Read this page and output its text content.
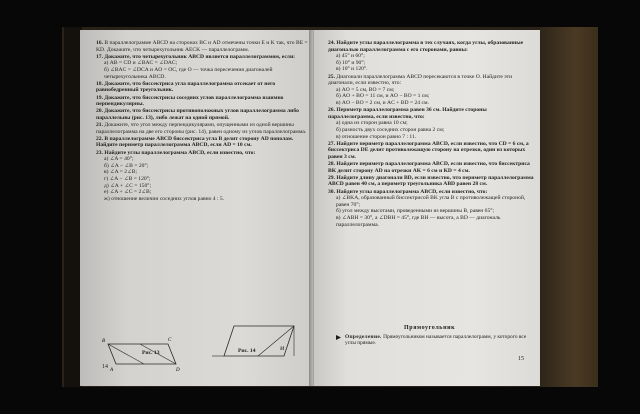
16. В параллелограмме ABCD на сторонах BC и AD отмечены точки E и K так, что BE = KD. Докажите, что четырехугольник AECK — параллелограмм.
17. Докажите, что четырехугольник ABCD является параллелограммом, если:
а) AB = CD и ∠BAC = ∠DAC;
б) ∠BAC = ∠DCA и AO = OC, где O — точка пересечения диагоналей четырехугольника ABCD.
18. Докажите, что биссектриса угла параллелограмма отсекает от него равнобедренный треугольник.
19. Докажите, что биссектрисы соседних углов параллелограмма взаимно перпендикулярны.
20. Докажите, что биссектрисы противоположных углов параллелограмма либо параллельны (рис. 13), либо лежат на одной прямой.
21. Докажите, что угол между перпендикулярами, опущенными из одной вершины параллелограмма на две его стороны (рис. 14), равен одному из углов параллелограмма.
22. В параллелограмме ABCD биссектриса угла B делит сторону AD пополам. Найдите периметр параллелограмма ABCD, если AD = 10 см.
23. Найдите углы параллелограмма ABCD, если известно, что:
а) ∠A = 40°;
б) ∠A − ∠B = 20°;
в) ∠A = 2∠B;
г) ∠A − ∠B = 120°;
д) ∠A + ∠C = 150°;
е) ∠A + ∠C = 2∠B;
ж) отношение величин соседних углов равно 4 : 5.
B	C
A	D
Рис. 13
M
Рис. 14
14
24. Найдите углы параллелограмма в тех случаях, когда углы, образованные диагональю параллелограмма с его сторонами, равны:
а) 45° и 60°;
б) 10° и 90°;
в) 10° и 120°.
25. Диагонали параллелограмма ABCD пересекаются в точке O. Найдите эти диагонали, если известно, что:
а) AO = 5 см, BO = 7 см;
б) AO + BO = 11 см, и AO − BO = 1 см;
в) AO − BO = 2 см, и AC + BD = 24 см.
26. Периметр параллелограмма равен 36 см. Найдите стороны параллелограмма, если известно, что:
а) одна из сторон равна 10 см;
б) разность двух соседних сторон равна 2 см;
в) отношение сторон равно 7 : 11.
27. Найдите периметр параллелограмма ABCD, если известно, что CD = 6 см, а биссектриса DE делит противолежащую сторону на отрезки, один из которых равен 3 см.
28. Найдите периметр параллелограмма ABCD, если известно, что биссектриса BK делит сторону AD на отрезки AK = 6 см и KD = 4 см.
29. Найдите длину диагонали BD, если известно, что периметр параллелограмма ABCD равен 40 см, а периметр треугольника ABD равен 28 см.
30. Найдите углы параллелограмма ABCD, если известно, что:
а) ∠BKA, образованный биссектрисой BK угла B с противолежащей стороной, равен 70°;
б) угол между высотами, проведенными из вершины B, равен 65°;
в) ∠ABH = 30°, а ∠DBH = 45°, где BH — высота, а BD — диагональ параллелограмма.
Прямоугольник
Определение. Прямоугольником называется параллелограмм, у которого все углы прямые.
15
